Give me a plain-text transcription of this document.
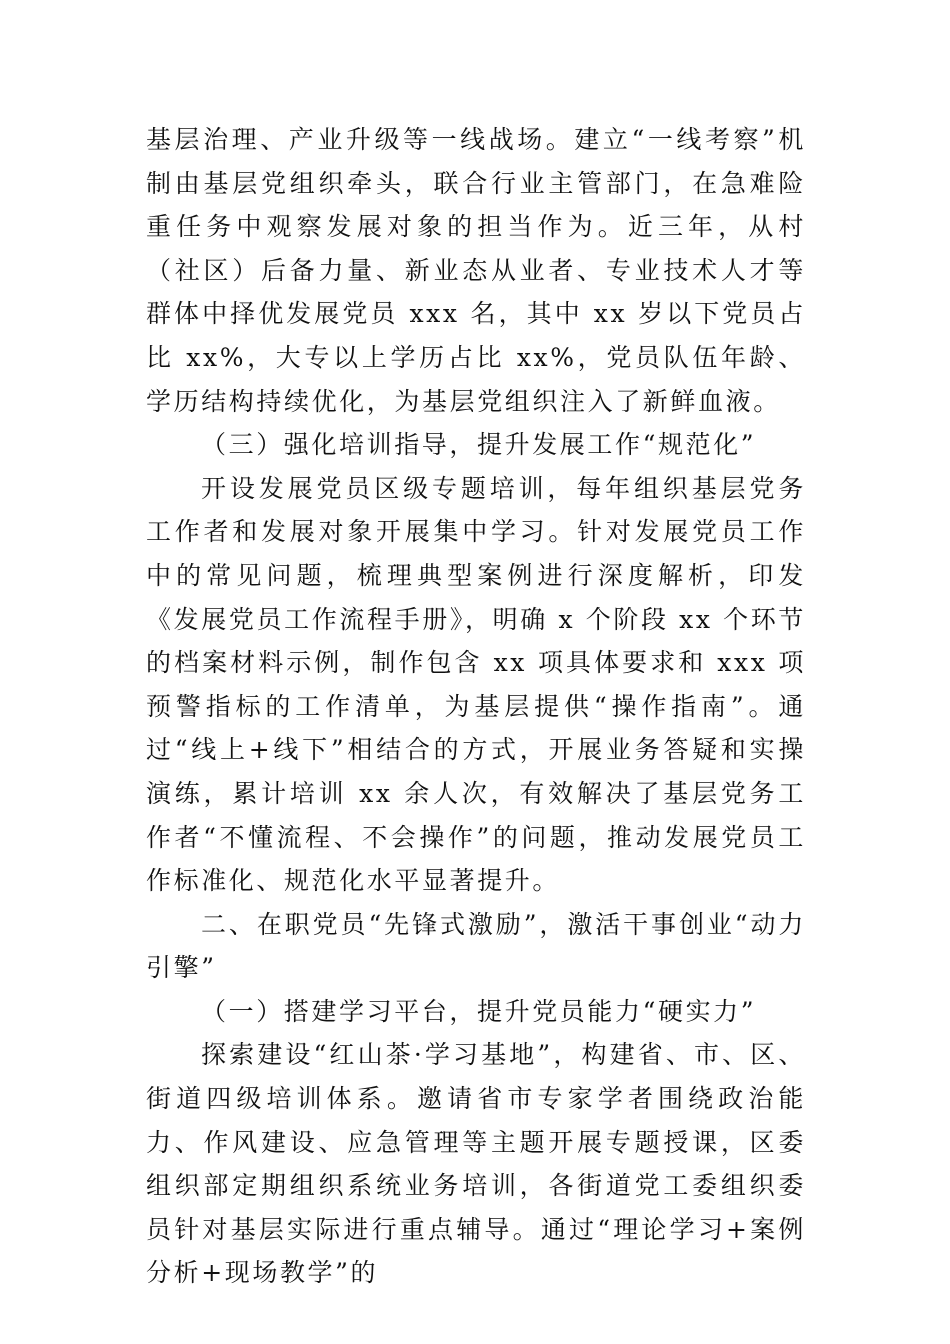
基层治理、产业升级等一线战场。建立“一线考察”机制由基层党组织牵头，联合行业主管部门，在急难险重任务中观察发展对象的担当作为。近三年，从村（社区）后备力量、新业态从业者、专业技术人才等群体中择优发展党员 xxx 名，其中 xx 岁以下党员占比 xx%，大专以上学历占比 xx%，党员队伍年龄、学历结构持续优化，为基层党组织注入了新鲜血液。

（三）强化培训指导，提升发展工作“规范化”

开设发展党员区级专题培训，每年组织基层党务工作者和发展对象开展集中学习。针对发展党员工作中的常见问题，梳理典型案例进行深度解析，印发《发展党员工作流程手册》，明确 x 个阶段 xx 个环节的档案材料示例，制作包含 xx 项具体要求和 xxx 项预警指标的工作清单，为基层提供“操作指南”。通过“线上+线下”相结合的方式，开展业务答疑和实操演练，累计培训 xx 余人次，有效解决了基层党务工作者“不懂流程、不会操作”的问题，推动发展党员工作标准化、规范化水平显著提升。

二、在职党员“先锋式激励”，激活干事创业“动力引擎”

（一）搭建学习平台，提升党员能力“硬实力”

探索建设“红山茶·学习基地”，构建省、市、区、街道四级培训体系。邀请省市专家学者围绕政治能力、作风建设、应急管理等主题开展专题授课，区委组织部定期组织系统业务培训，各街道党工委组织委员针对基层实际进行重点辅导。通过“理论学习+案例分析+现场教学”的
